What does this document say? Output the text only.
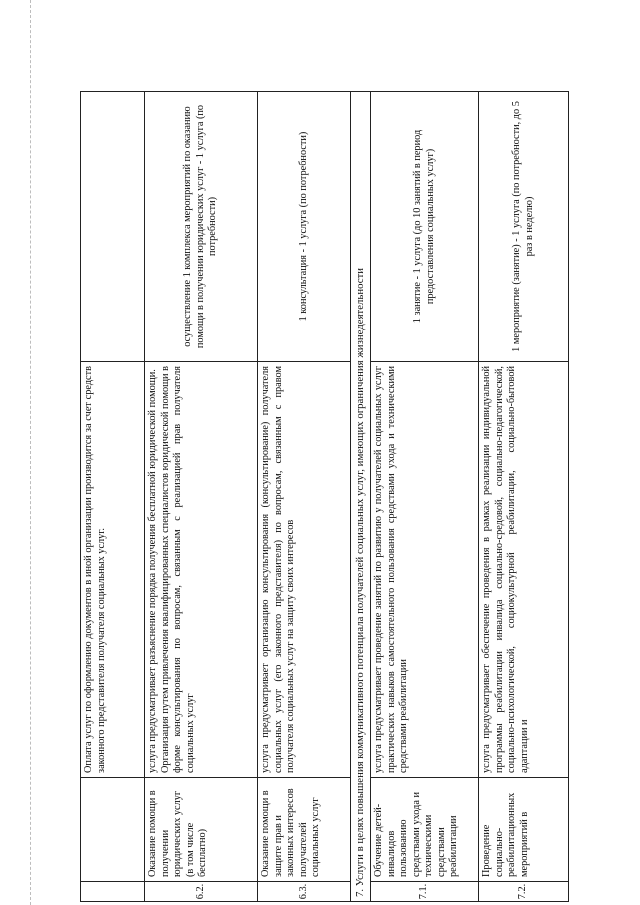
		Оплата услуг по оформлению документов в иной организации производится за счет средств законного представителя получателя социальных услуг.	
6.2.	Оказание помощи в получении юридических услуг (в том числе бесплатно)	услуга предусматривает разъяснение порядка получения бесплатной юридической помощи. Организация путем привлечения квалифицированных специалистов юридической помощи в форме консультирования по вопросам, связанным с реализацией прав получателя социальных услуг	осуществление 1 комплекса мероприятий по оказанию помощи в получении юридических услуг - 1 услуга (по потребности)
6.3.	Оказание помощи в защите прав и законных интересов получателей социальных услуг	услуга предусматривает организацию консультирования (консультирование) получателя социальных услуг (его законного представителя) по вопросам, связанным с правом получателя социальных услуг на защиту своих интересов	1 консультация - 1 услуга (по потребности)
7. Услуги в целях повышения коммуникативного потенциала получателей социальных услуг, имеющих ограничения жизнедеятельности			
7.1.	Обучение детей-инвалидов пользованию средствами ухода и техническими средствами реабилитации	услуга предусматривает проведение занятий по развитию у получателей социальных услуг практических навыков самостоятельного пользования средствами ухода и техническими средствами реабилитации	1 занятие - 1 услуга (до 10 занятий в период предоставления социальных услуг)
7.2.	Проведение социально-реабилитационных мероприятий в	услуга предусматривает обеспечение проведения в рамках реализации индивидуальной программы реабилитации инвалида социально-средовой, социально-педагогической, социально-психологической, социокультурной реабилитации, социально-бытовой адаптации и	1 мероприятие (занятие) - 1 услуга (по потребности, до 5 раз в неделю)
